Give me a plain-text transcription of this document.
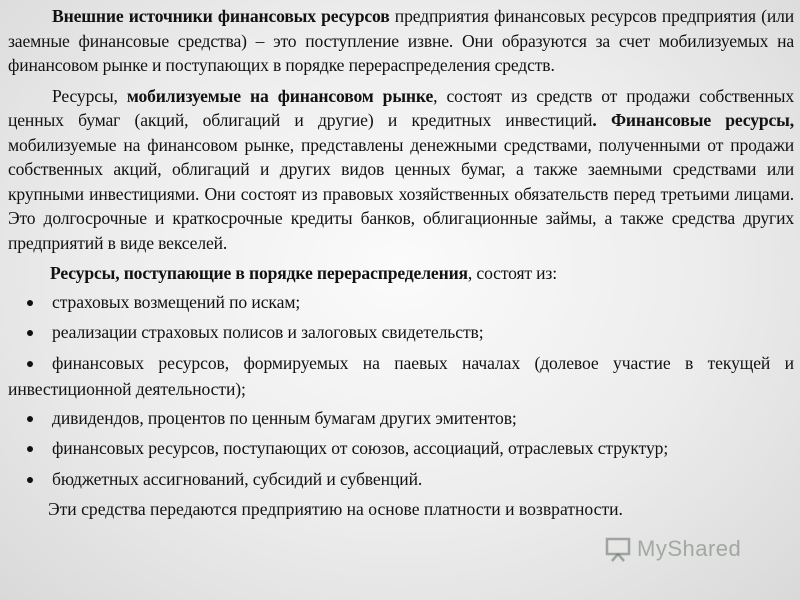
Внешние источники финансовых ресурсов предприятия финансовых ресурсов предприятия (или заемные финансовые средства) – это поступление извне. Они образуются за счет мобилизуемых на финансовом рынке и поступающих в порядке перераспределения средств.

Ресурсы, мобилизуемые на финансовом рынке, состоят из средств от продажи собственных ценных бумаг (акций, облигаций и другие) и кредитных инвестиций. Финансовые ресурсы, мобилизуемые на финансовом рынке, представлены денежными средствами, полученными от продажи собственных акций, облигаций и других видов ценных бумаг, а также заемными средствами или крупными инвестициями. Они состоят из правовых хозяйственных обязательств перед третьими лицами. Это долгосрочные и краткосрочные кредиты банков, облигационные займы, а также средства других предприятий в виде векселей.

Ресурсы, поступающие в порядке перераспределения, состоят из:

● страховых возмещений по искам;
● реализации страховых полисов и залоговых свидетельств;
● финансовых ресурсов, формируемых на паевых началах (долевое участие в текущей и инвестиционной деятельности);
● дивидендов, процентов по ценным бумагам других эмитентов;
● финансовых ресурсов, поступающих от союзов, ассоциаций, отраслевых структур;
● бюджетных ассигнований, субсидий и субвенций.

Эти средства передаются предприятию на основе платности и возвратности.

MyShared
